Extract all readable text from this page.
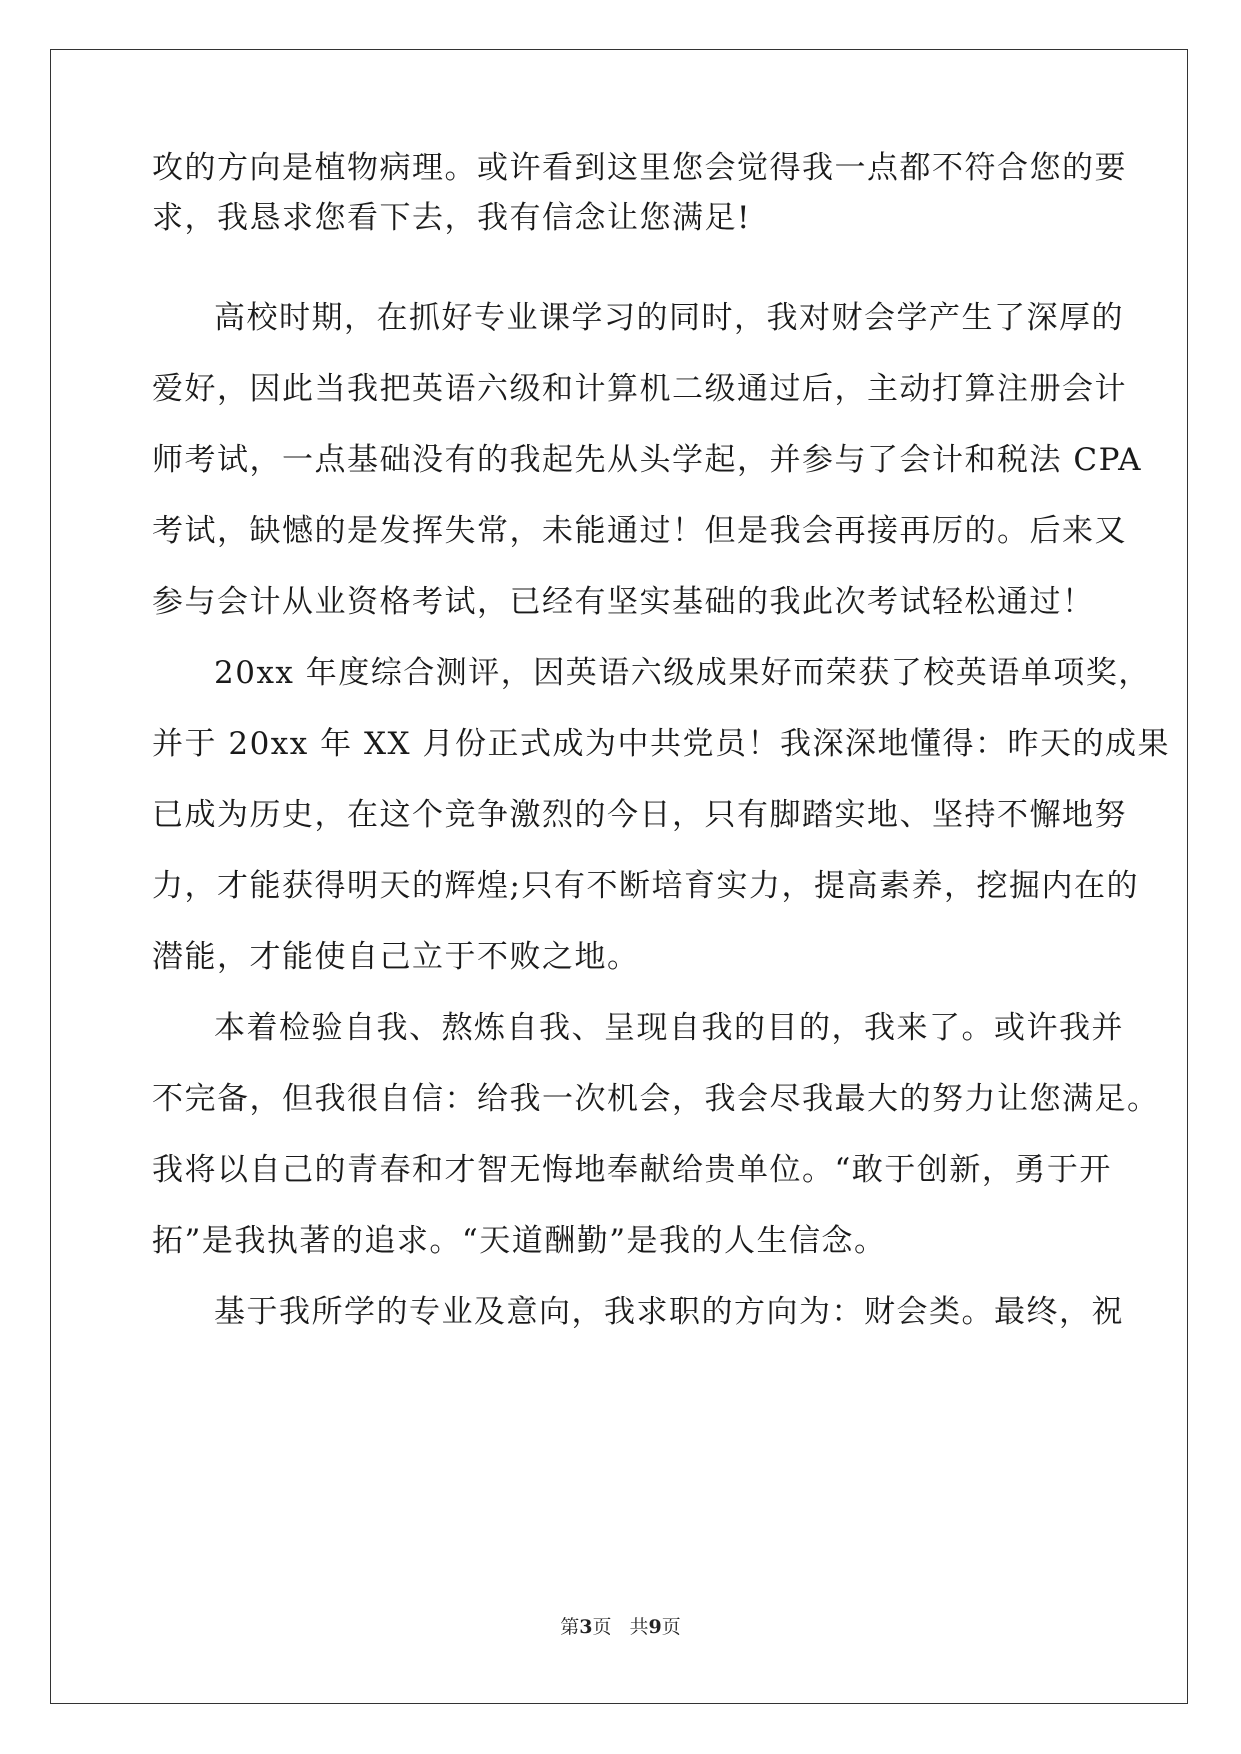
攻的方向是植物病理。或许看到这里您会觉得我一点都不符合您的要
求，我恳求您看下去，我有信念让您满足!
高校时期，在抓好专业课学习的同时，我对财会学产生了深厚的
爱好，因此当我把英语六级和计算机二级通过后，主动打算注册会计
师考试，一点基础没有的我起先从头学起，并参与了会计和税法 CPA
考试，缺憾的是发挥失常，未能通过！但是我会再接再厉的。后来又
参与会计从业资格考试，已经有坚实基础的我此次考试轻松通过！
20xx 年度综合测评，因英语六级成果好而荣获了校英语单项奖，
并于 20xx 年 XX 月份正式成为中共党员！我深深地懂得：昨天的成果
已成为历史，在这个竞争激烈的今日，只有脚踏实地、坚持不懈地努
力，才能获得明天的辉煌;只有不断培育实力，提高素养，挖掘内在的
潜能，才能使自己立于不败之地。
本着检验自我、熬炼自我、呈现自我的目的，我来了。或许我并
不完备，但我很自信：给我一次机会，我会尽我最大的努力让您满足。
我将以自己的青春和才智无悔地奉献给贵单位。“敢于创新，勇于开
拓”是我执著的追求。“天道酬勤”是我的人生信念。
基于我所学的专业及意向，我求职的方向为：财会类。最终，祝
第3页 共9页
